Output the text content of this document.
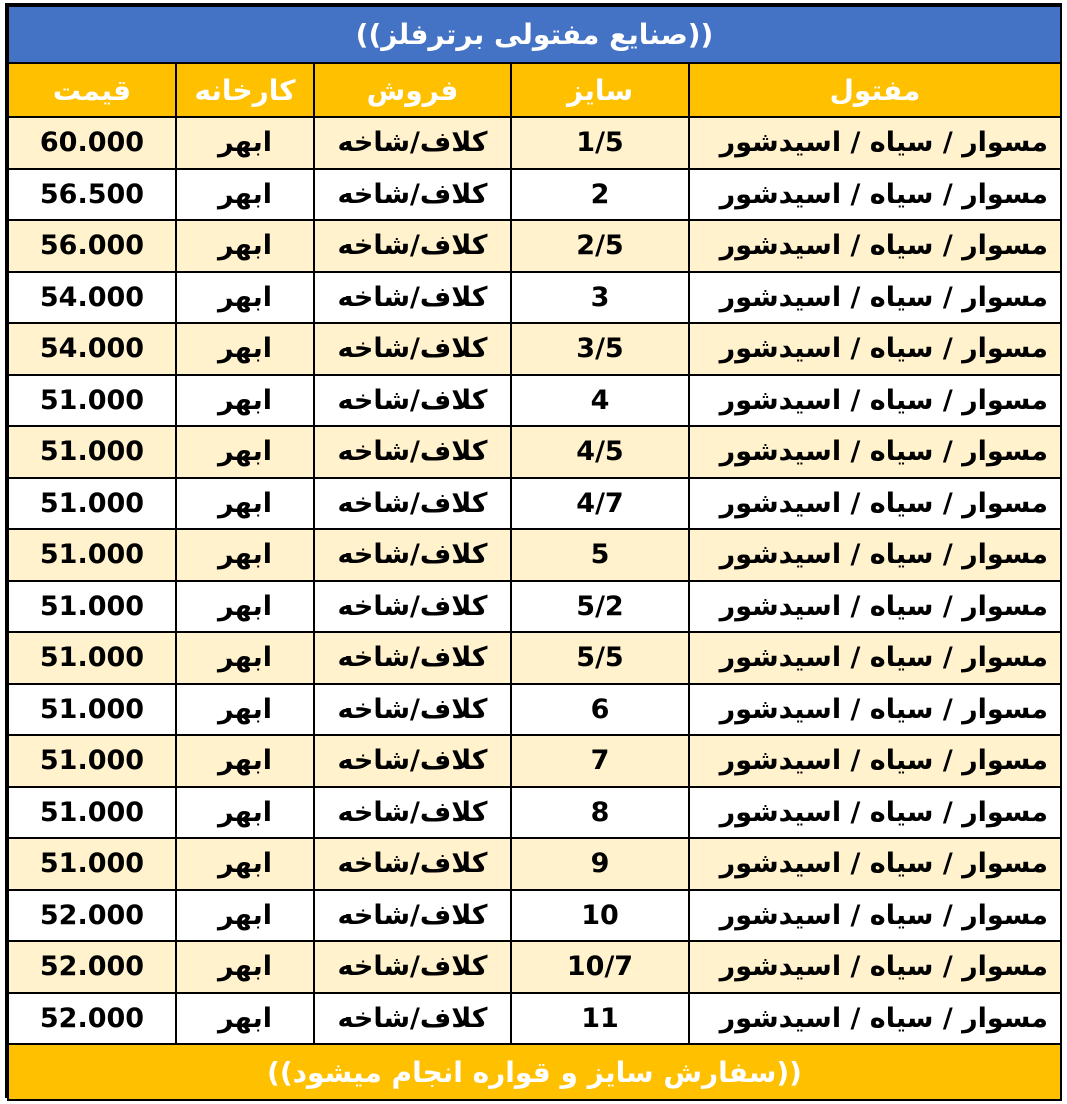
((صنایع مفتولی برترفلز))				
مفتول	سایز	فروش	کارخانه	قیمت
مسوار / سیاه / اسیدشور	1/5	کلاف/شاخه	ابهر	60.000
مسوار / سیاه / اسیدشور	2	کلاف/شاخه	ابهر	56.500
مسوار / سیاه / اسیدشور	2/5	کلاف/شاخه	ابهر	56.000
مسوار / سیاه / اسیدشور	3	کلاف/شاخه	ابهر	54.000
مسوار / سیاه / اسیدشور	3/5	کلاف/شاخه	ابهر	54.000
مسوار / سیاه / اسیدشور	4	کلاف/شاخه	ابهر	51.000
مسوار / سیاه / اسیدشور	4/5	کلاف/شاخه	ابهر	51.000
مسوار / سیاه / اسیدشور	4/7	کلاف/شاخه	ابهر	51.000
مسوار / سیاه / اسیدشور	5	کلاف/شاخه	ابهر	51.000
مسوار / سیاه / اسیدشور	5/2	کلاف/شاخه	ابهر	51.000
مسوار / سیاه / اسیدشور	5/5	کلاف/شاخه	ابهر	51.000
مسوار / سیاه / اسیدشور	6	کلاف/شاخه	ابهر	51.000
مسوار / سیاه / اسیدشور	7	کلاف/شاخه	ابهر	51.000
مسوار / سیاه / اسیدشور	8	کلاف/شاخه	ابهر	51.000
مسوار / سیاه / اسیدشور	9	کلاف/شاخه	ابهر	51.000
مسوار / سیاه / اسیدشور	10	کلاف/شاخه	ابهر	52.000
مسوار / سیاه / اسیدشور	10/7	کلاف/شاخه	ابهر	52.000
مسوار / سیاه / اسیدشور	11	کلاف/شاخه	ابهر	52.000
((سفارش سایز و قواره انجام میشود))				
